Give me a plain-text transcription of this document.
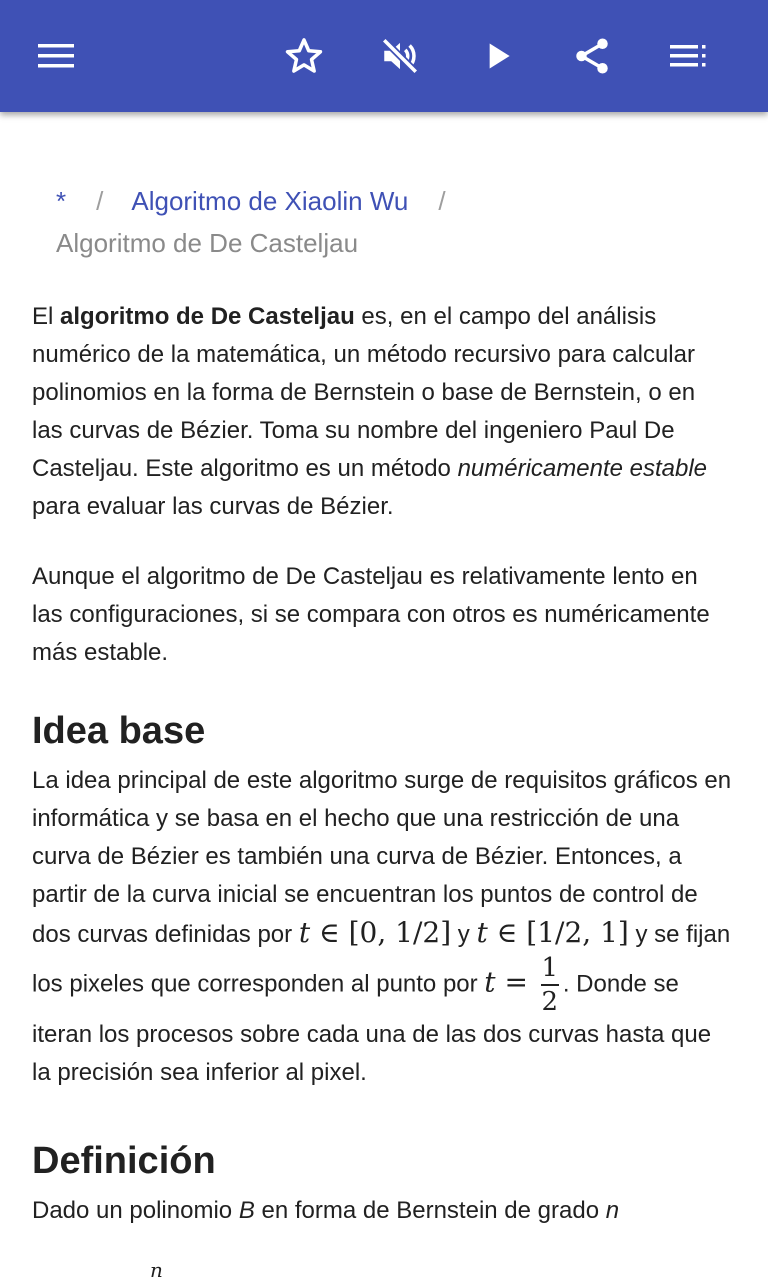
* / Algoritmo de Xiaolin Wu /
Algoritmo de De Casteljau

El algoritmo de De Casteljau es, en el campo del análisis numérico de la matemática, un método recursivo para calcular polinomios en la forma de Bernstein o base de Bernstein, o en las curvas de Bézier. Toma su nombre del ingeniero Paul De Casteljau. Este algoritmo es un método numéricamente estable para evaluar las curvas de Bézier.

Aunque el algoritmo de De Casteljau es relativamente lento en las configuraciones, si se compara con otros es numéricamente más estable.

Idea base

La idea principal de este algoritmo surge de requisitos gráficos en informática y se basa en el hecho que una restricción de una curva de Bézier es también una curva de Bézier. Entonces, a partir de la curva inicial se encuentran los puntos de control de dos curvas definidas por t ∈ [0, 1/2] y t ∈ [1/2, 1] y se fijan los pixeles que corresponden al punto por $t = \frac{1}{2}$ . Donde se iteran los procesos sobre cada una de las dos curvas hasta que la precisión sea inferior al pixel.

Definición

Dado un polinomio B en forma de Bernstein de grado n

n
